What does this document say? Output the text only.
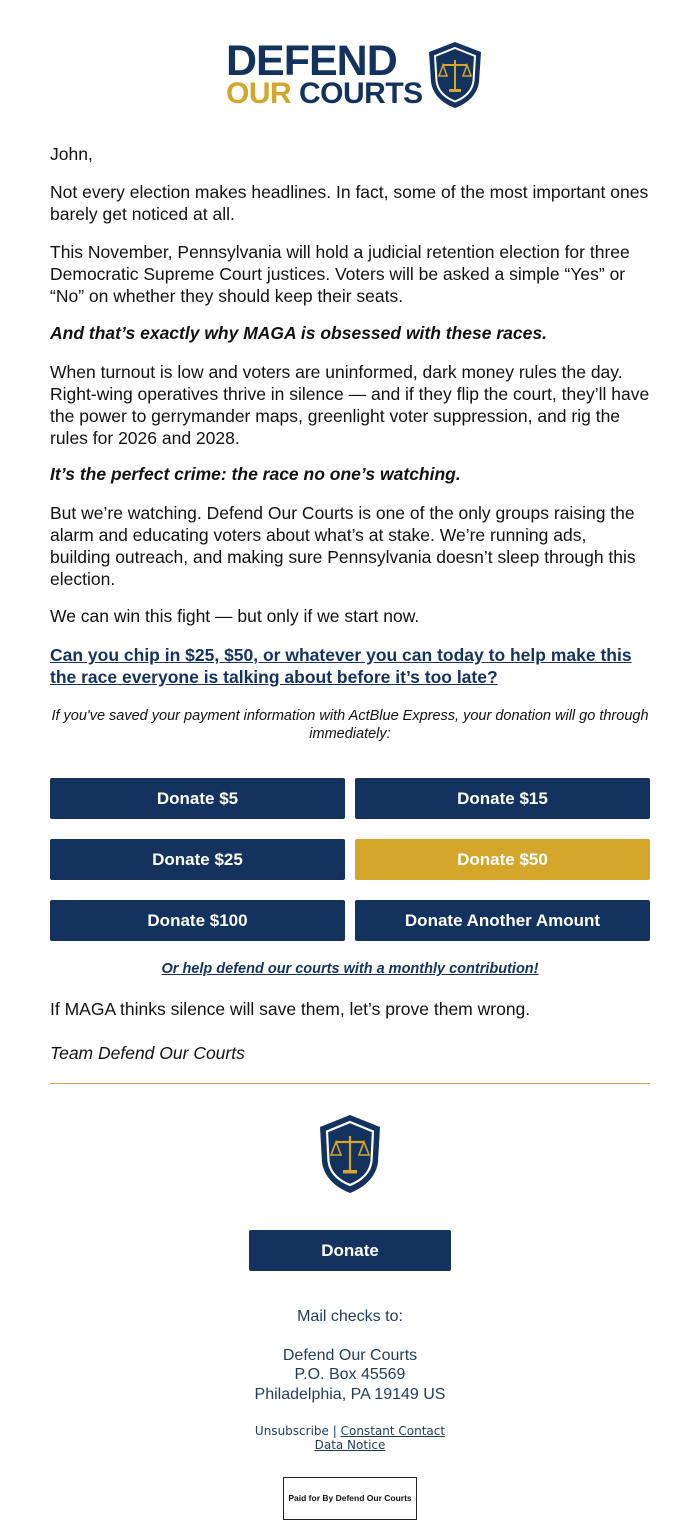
DEFEND
OUR COURTS

John,

Not every election makes headlines. In fact, some of the most important ones barely get noticed at all.

This November, Pennsylvania will hold a judicial retention election for three Democratic Supreme Court justices. Voters will be asked a simple “Yes” or “No” on whether they should keep their seats.

And that’s exactly why MAGA is obsessed with these races.

When turnout is low and voters are uninformed, dark money rules the day. Right-wing operatives thrive in silence — and if they flip the court, they’ll have the power to gerrymander maps, greenlight voter suppression, and rig the rules for 2026 and 2028.

It’s the perfect crime: the race no one’s watching.

But we’re watching. Defend Our Courts is one of the only groups raising the alarm and educating voters about what’s at stake. We’re running ads, building outreach, and making sure Pennsylvania doesn’t sleep through this election.

We can win this fight — but only if we start now.

Can you chip in $25, $50, or whatever you can today to help make this the race everyone is talking about before it’s too late?

If you've saved your payment information with ActBlue Express, your donation will go through immediately:
Donate $5	Donate $15
Donate $25	Donate $50
Donate $100	Donate Another Amount
Or help defend our courts with a monthly contribution!

If MAGA thinks silence will save them, let’s prove them wrong.

Team Defend Our Courts

Donate
Mail checks to:
Defend Our Courts
P.O. Box 45569
Philadelphia, PA 19149 US
Unsubscribe | Constant Contact
Data Notice
Paid for By Defend Our Courts
